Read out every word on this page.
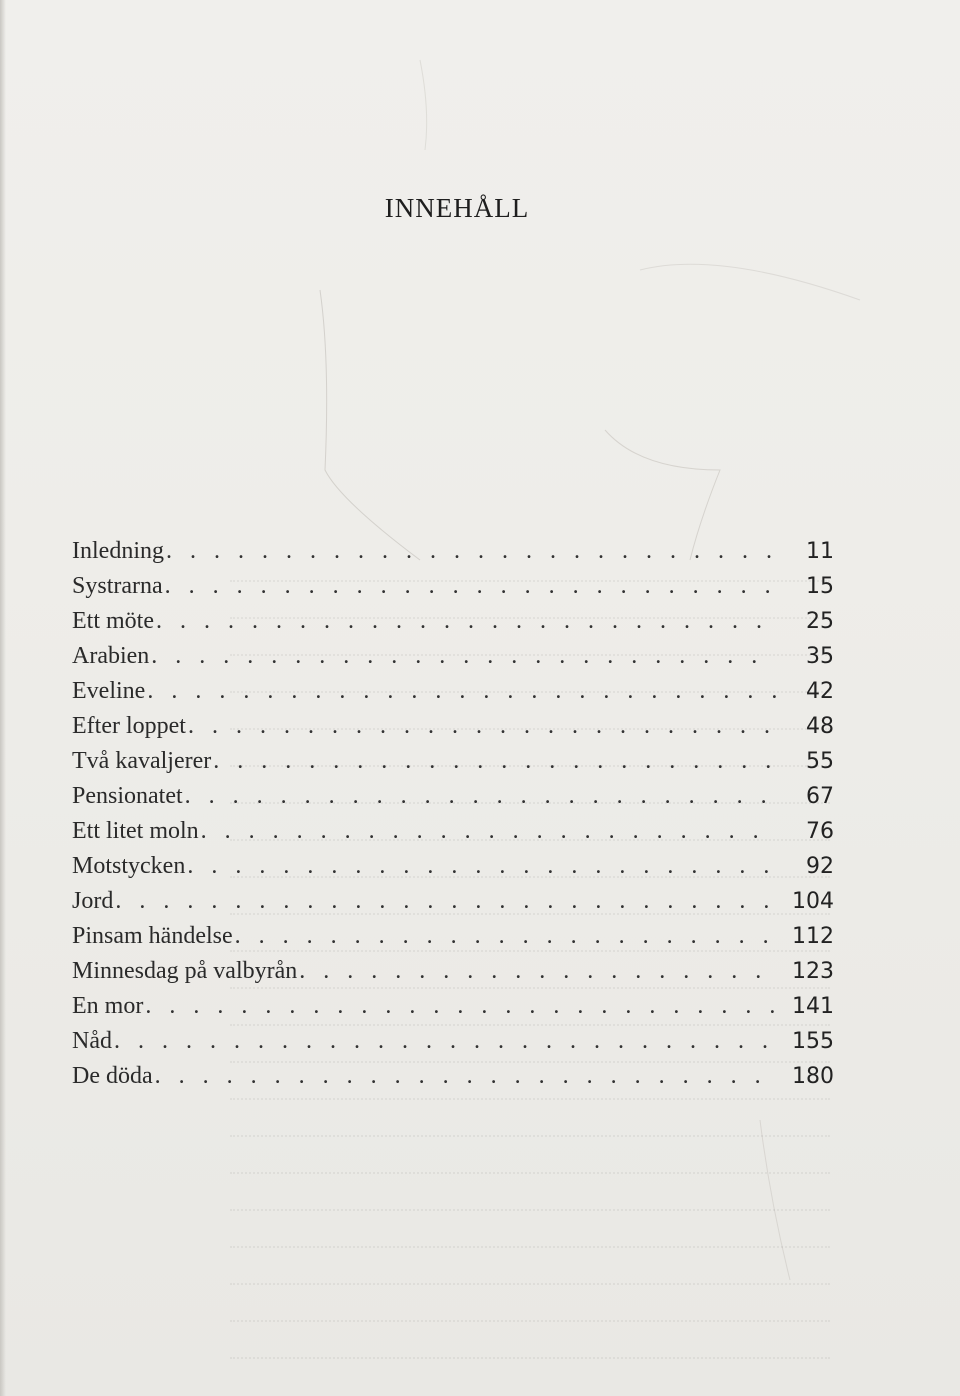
INNEHÅLL
Inledning . . .	11
Systrarna . . .	15
Ett möte . . .	25
Arabien . . .	35
Eveline . . .	42
Efter loppet . . .	48
Två kavaljerer . . .	55
Pensionatet . . .	67
Ett litet moln . . .	76
Motstycken . . .	92
Jord . . .	104
Pinsam händelse . . .	112
Minnesdag på valbyrån . . .	123
En mor . . .	141
Nåd . . .	155
De döda . . .	180
